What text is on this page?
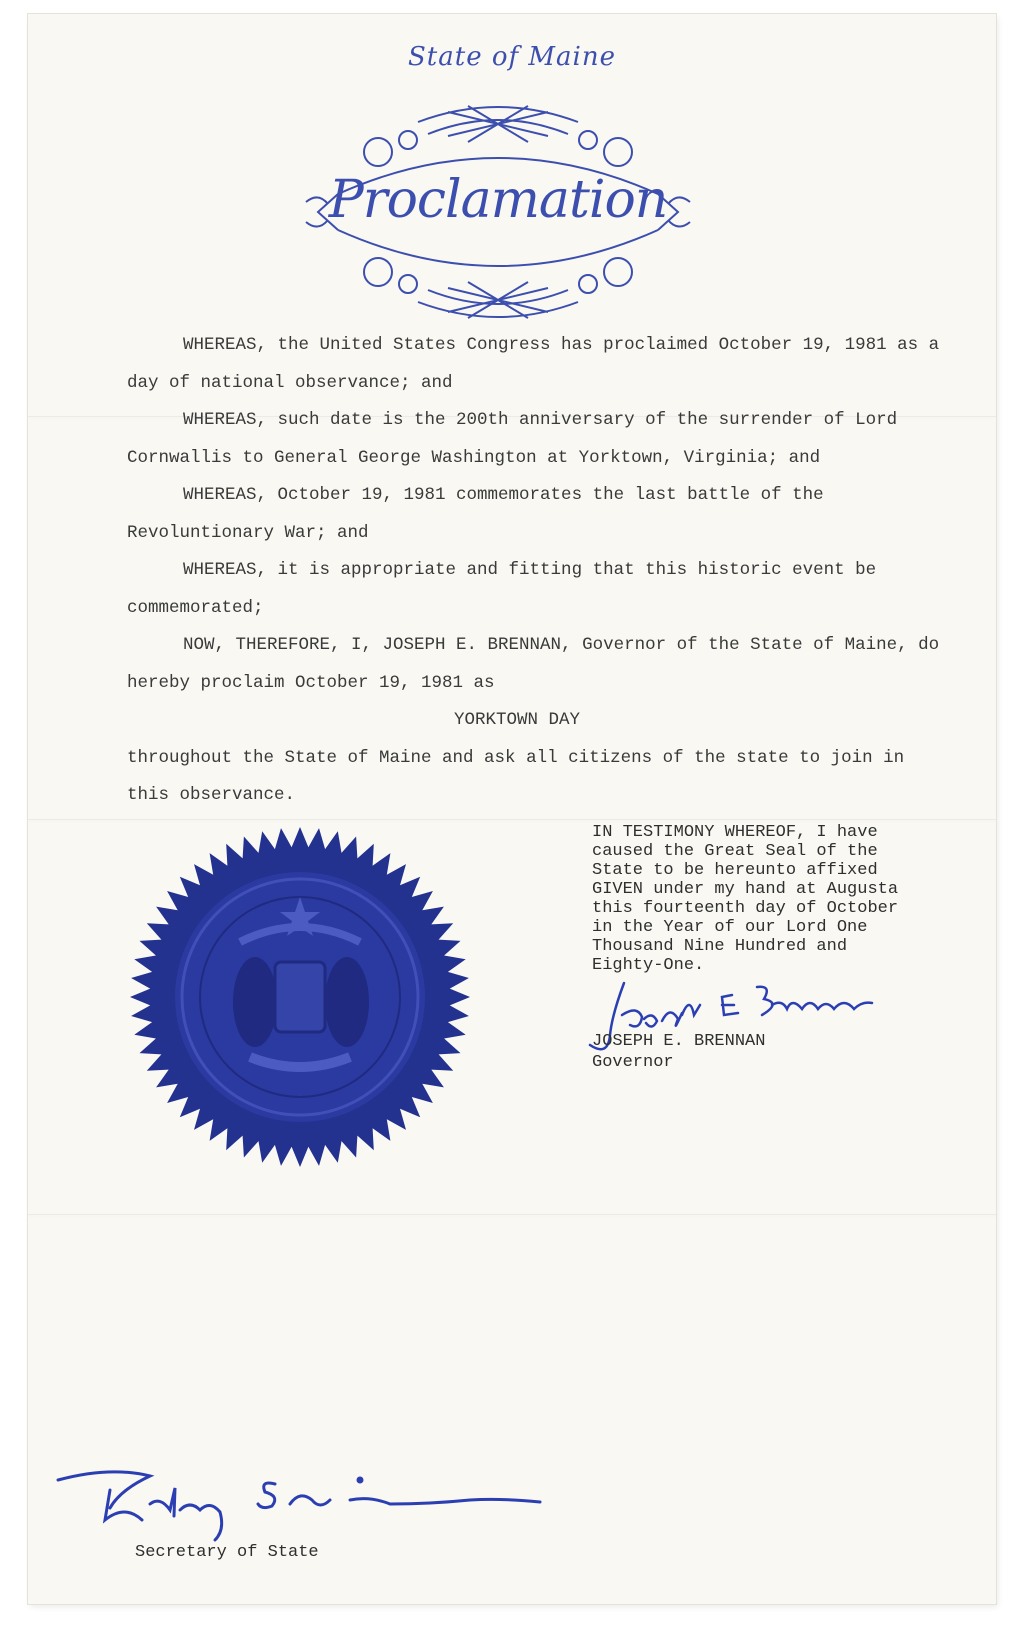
State of Maine
Proclamation

WHEREAS, the United States Congress has proclaimed October 19, 1981 as a day of national observance; and

WHEREAS, such date is the 200th anniversary of the surrender of Lord Cornwallis to General George Washington at Yorktown, Virginia; and

WHEREAS, October 19, 1981 commemorates the last battle of the Revoluntionary War; and

WHEREAS, it is appropriate and fitting that this historic event be commemorated;

NOW, THEREFORE, I, JOSEPH E. BRENNAN, Governor of the State of Maine, do hereby proclaim October 19, 1981 as

YORKTOWN DAY

throughout the State of Maine and ask all citizens of the state to join in this observance.

IN TESTIMONY WHEREOF, I have
caused the Great Seal of the
State to be hereunto affixed
GIVEN under my hand at Augusta
this fourteenth day of October
in the Year of our Lord One
Thousand Nine Hundred and
Eighty-One.
JOSEPH E. BRENNAN
Governor
Secretary of State
